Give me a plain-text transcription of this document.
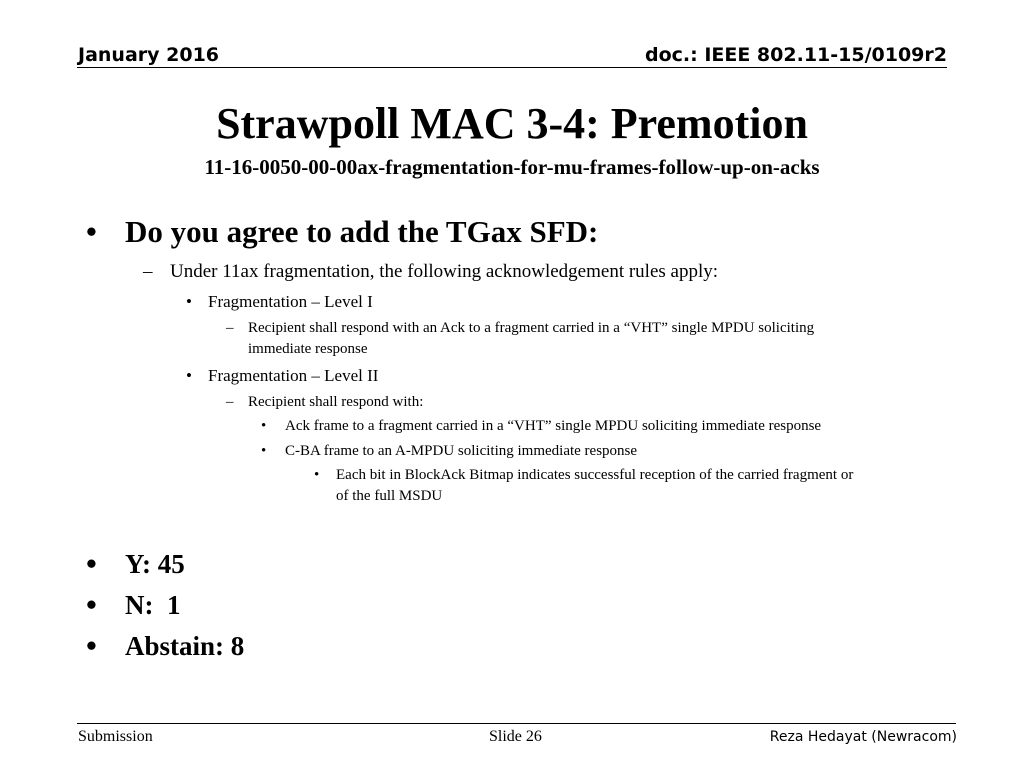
January 2016	doc.: IEEE 802.11-15/0109r2
Strawpoll MAC 3-4: Premotion
11-16-0050-00-00ax-fragmentation-for-mu-frames-follow-up-on-acks
• Do you agree to add the TGax SFD:
– Under 11ax fragmentation, the following acknowledgement rules apply:
• Fragmentation – Level I
– Recipient shall respond with an Ack to a fragment carried in a “VHT” single MPDU soliciting
immediate response
• Fragmentation – Level II
– Recipient shall respond with:
• Ack frame to a fragment carried in a “VHT” single MPDU soliciting immediate response
• C-BA frame to an A-MPDU soliciting immediate response
• Each bit in BlockAck Bitmap indicates successful reception of the carried fragment or
of the full MSDU
• Y: 45
• N:  1
• Abstain: 8
Submission	Slide 26	Reza Hedayat (Newracom)
